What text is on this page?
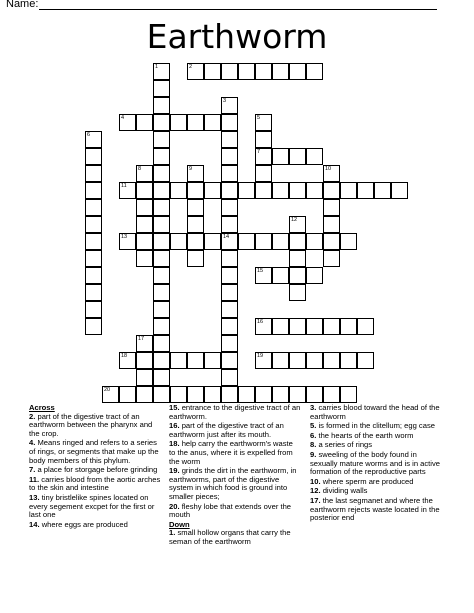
Name:
Earthworm
2
4
7
11
13	14
15
16
18	19
20
1
3
5
6
8	9	10
12
17
Across
2. part of the digestive tract of an earthworm between the pharynx and the crop.
4. Means ringed and refers to a series of rings, or segments that make up the body members of this phylum.
7. a place for storgage before grinding
11. carries blood from the aortic arches to the skin and intestine
13. tiny bristlelike spines located on every segement excpet for the first or last one
14. where eggs are produced
15. entrance to the digestive tract of an earthworm.
16. part of the digestive tract of an earthworm just after its mouth.
18. help carry the earthworm's waste to the anus, where it is expelled from the worm
19. grinds the dirt in the earthworm, in earthworms, part of the digestive system in which food is ground into smaller pieces;
20. fleshy lobe that extends over the mouth
Down
1. small hollow organs that carry the seman of the earthworm
3. carries blood toward the head of the earthworm
5. is formed in the clitellum; egg case
6. the hearts of the earth worm
8. a series of rings
9. sweeling of the body found in sexually mature worms and is in active formation of the reproductive parts
10. where sperm are produced
12. dividing walls
17. the last segmanet and where the earthworm rejects waste located in the posterior end
